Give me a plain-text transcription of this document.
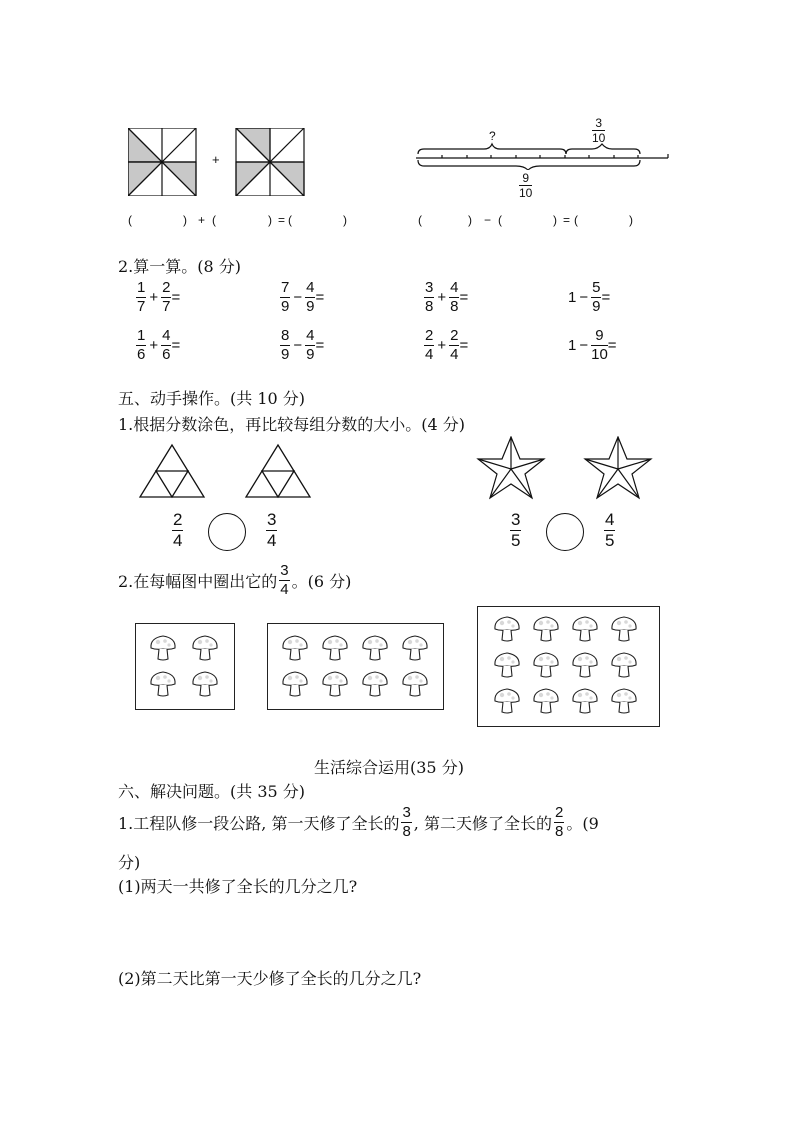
+
(	) + (	) = (	)
?	$\frac{3}{10}$
$\frac{9}{10}$
(	) − (	) = (	)
2.算一算。(8 分)
$\frac{1}{7} + \frac{2}{7}$ =	$\frac{7}{9} - \frac{4}{9}$ =	$\frac{3}{8} + \frac{4}{8}$ =	$1 - \frac{5}{9}$ =
$\frac{1}{6} + \frac{4}{6}$ =	$\frac{8}{9} - \frac{4}{9}$ =	$\frac{2}{4} + \frac{2}{4}$ =	$1 - \frac{9}{10}$ =
五、动手操作。(共 10 分)
1.根据分数涂色，再比较每组分数的大小。(4 分)
$\frac{2}{4}$	$\frac{3}{4}$	$\frac{3}{5}$	$\frac{4}{5}$
2.在每幅图中圈出它的 $\frac{3}{4}$ 。(6 分)
生活综合运用(35 分)
六、解决问题。(共 35 分)
1.工程队修一段公路, 第一天修了全长的 $\frac{3}{8}$ , 第二天修了全长的 $\frac{2}{8}$ 。(9
分)
(1)两天一共修了全长的几分之几?
(2)第二天比第一天少修了全长的几分之几?
